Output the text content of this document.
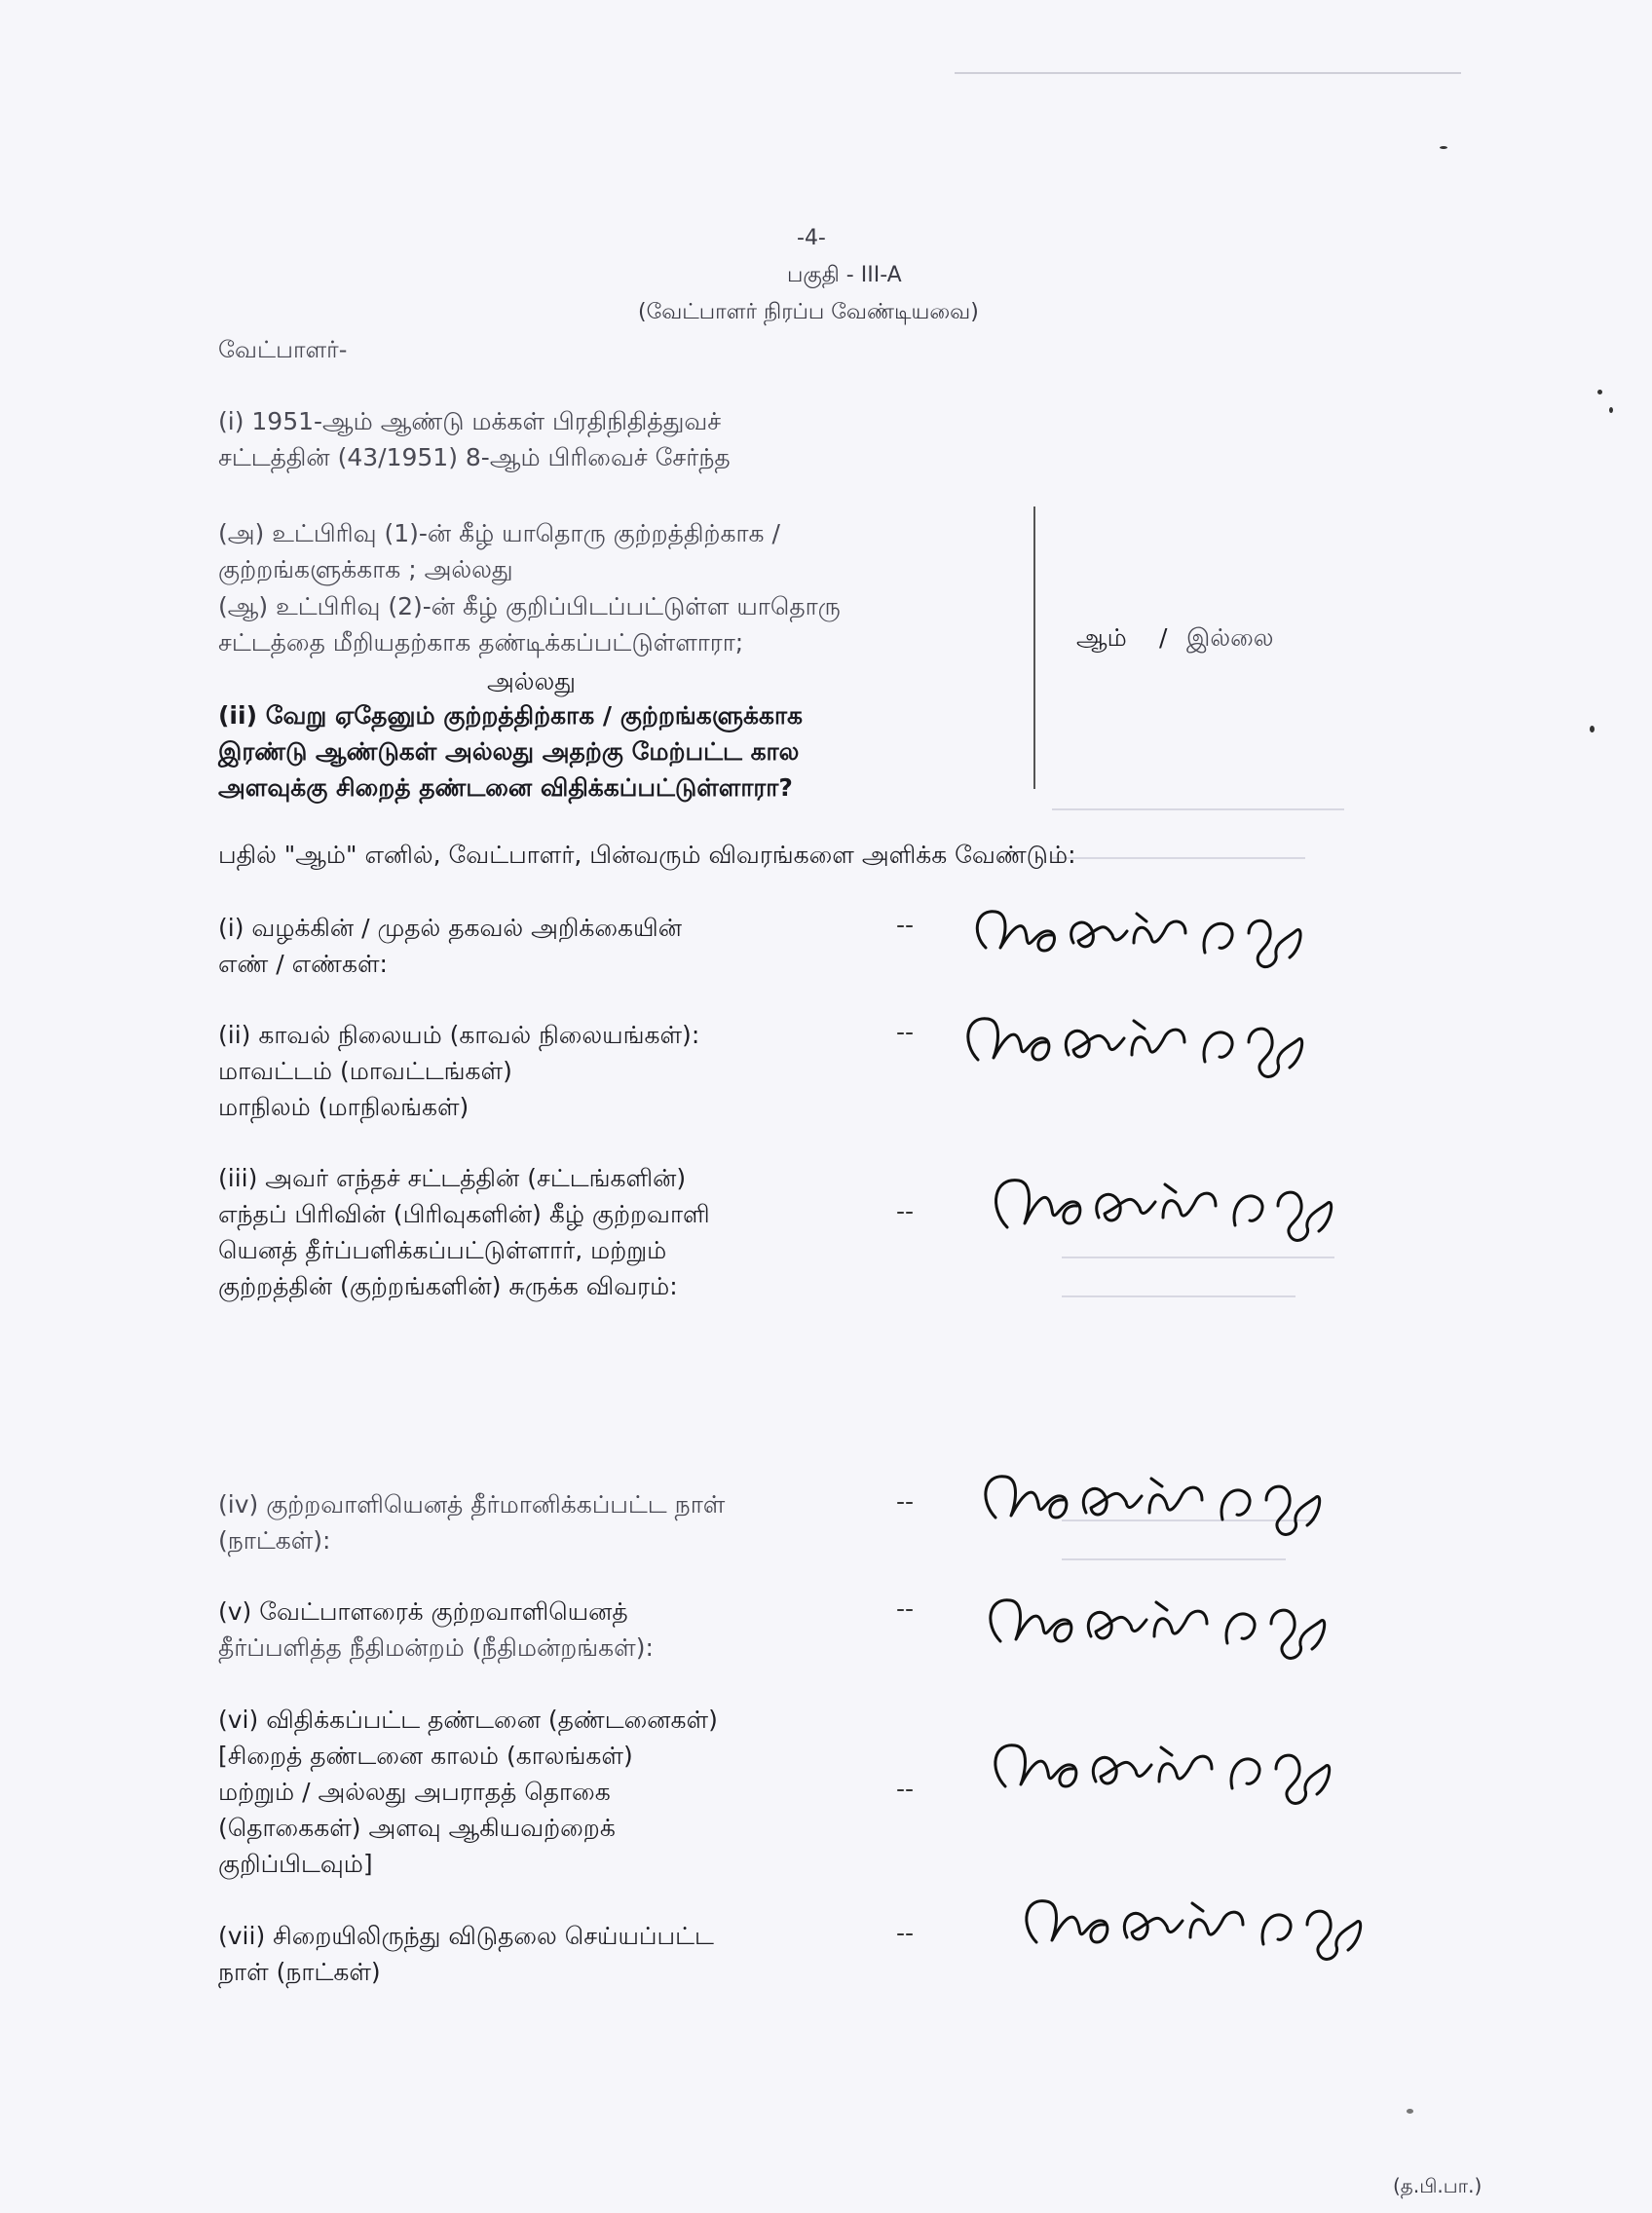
-4-
பகுதி - III-A
(வேட்பாளர் நிரப்ப வேண்டியவை)
வேட்பாளர்-
(i) 1951-ஆம் ஆண்டு மக்கள் பிரதிநிதித்துவச்
சட்டத்தின் (43/1951) 8-ஆம் பிரிவைச் சேர்ந்த
(அ) உட்பிரிவு (1)-ன் கீழ் யாதொரு குற்றத்திற்காக /
குற்றங்களுக்காக ; அல்லது
(ஆ) உட்பிரிவு (2)-ன் கீழ் குறிப்பிடப்பட்டுள்ள யாதொரு
சட்டத்தை மீறியதற்காக தண்டிக்கப்பட்டுள்ளாரா;
அல்லது
(ii) வேறு ஏதேனும் குற்றத்திற்காக / குற்றங்களுக்காக
இரண்டு ஆண்டுகள் அல்லது அதற்கு மேற்பட்ட கால
அளவுக்கு சிறைத் தண்டனை விதிக்கப்பட்டுள்ளாரா?
ஆம் / இல்லை
பதில் "ஆம்" எனில், வேட்பாளர், பின்வரும் விவரங்களை அளிக்க வேண்டும்:
(i) வழக்கின் / முதல் தகவல் அறிக்கையின்
எண் / எண்கள்:
--
(ii) காவல் நிலையம் (காவல் நிலையங்கள்):
மாவட்டம் (மாவட்டங்கள்)
மாநிலம் (மாநிலங்கள்)
--
(iii) அவர் எந்தச் சட்டத்தின் (சட்டங்களின்)
எந்தப் பிரிவின் (பிரிவுகளின்) கீழ் குற்றவாளி
யெனத் தீர்ப்பளிக்கப்பட்டுள்ளார், மற்றும்
குற்றத்தின் (குற்றங்களின்) சுருக்க விவரம்:
--
(iv) குற்றவாளியெனத் தீர்மானிக்கப்பட்ட நாள்
(நாட்கள்):
--
(v) வேட்பாளரைக் குற்றவாளியெனத்
தீர்ப்பளித்த நீதிமன்றம் (நீதிமன்றங்கள்):
--
(vi) விதிக்கப்பட்ட தண்டனை (தண்டனைகள்)
[சிறைத் தண்டனை காலம் (காலங்கள்)
மற்றும் / அல்லது அபராதத் தொகை
(தொகைகள்) அளவு ஆகியவற்றைக்
குறிப்பிடவும்]
--
(vii) சிறையிலிருந்து விடுதலை செய்யப்பட்ட
நாள் (நாட்கள்)
--
(த.பி.பா.)
